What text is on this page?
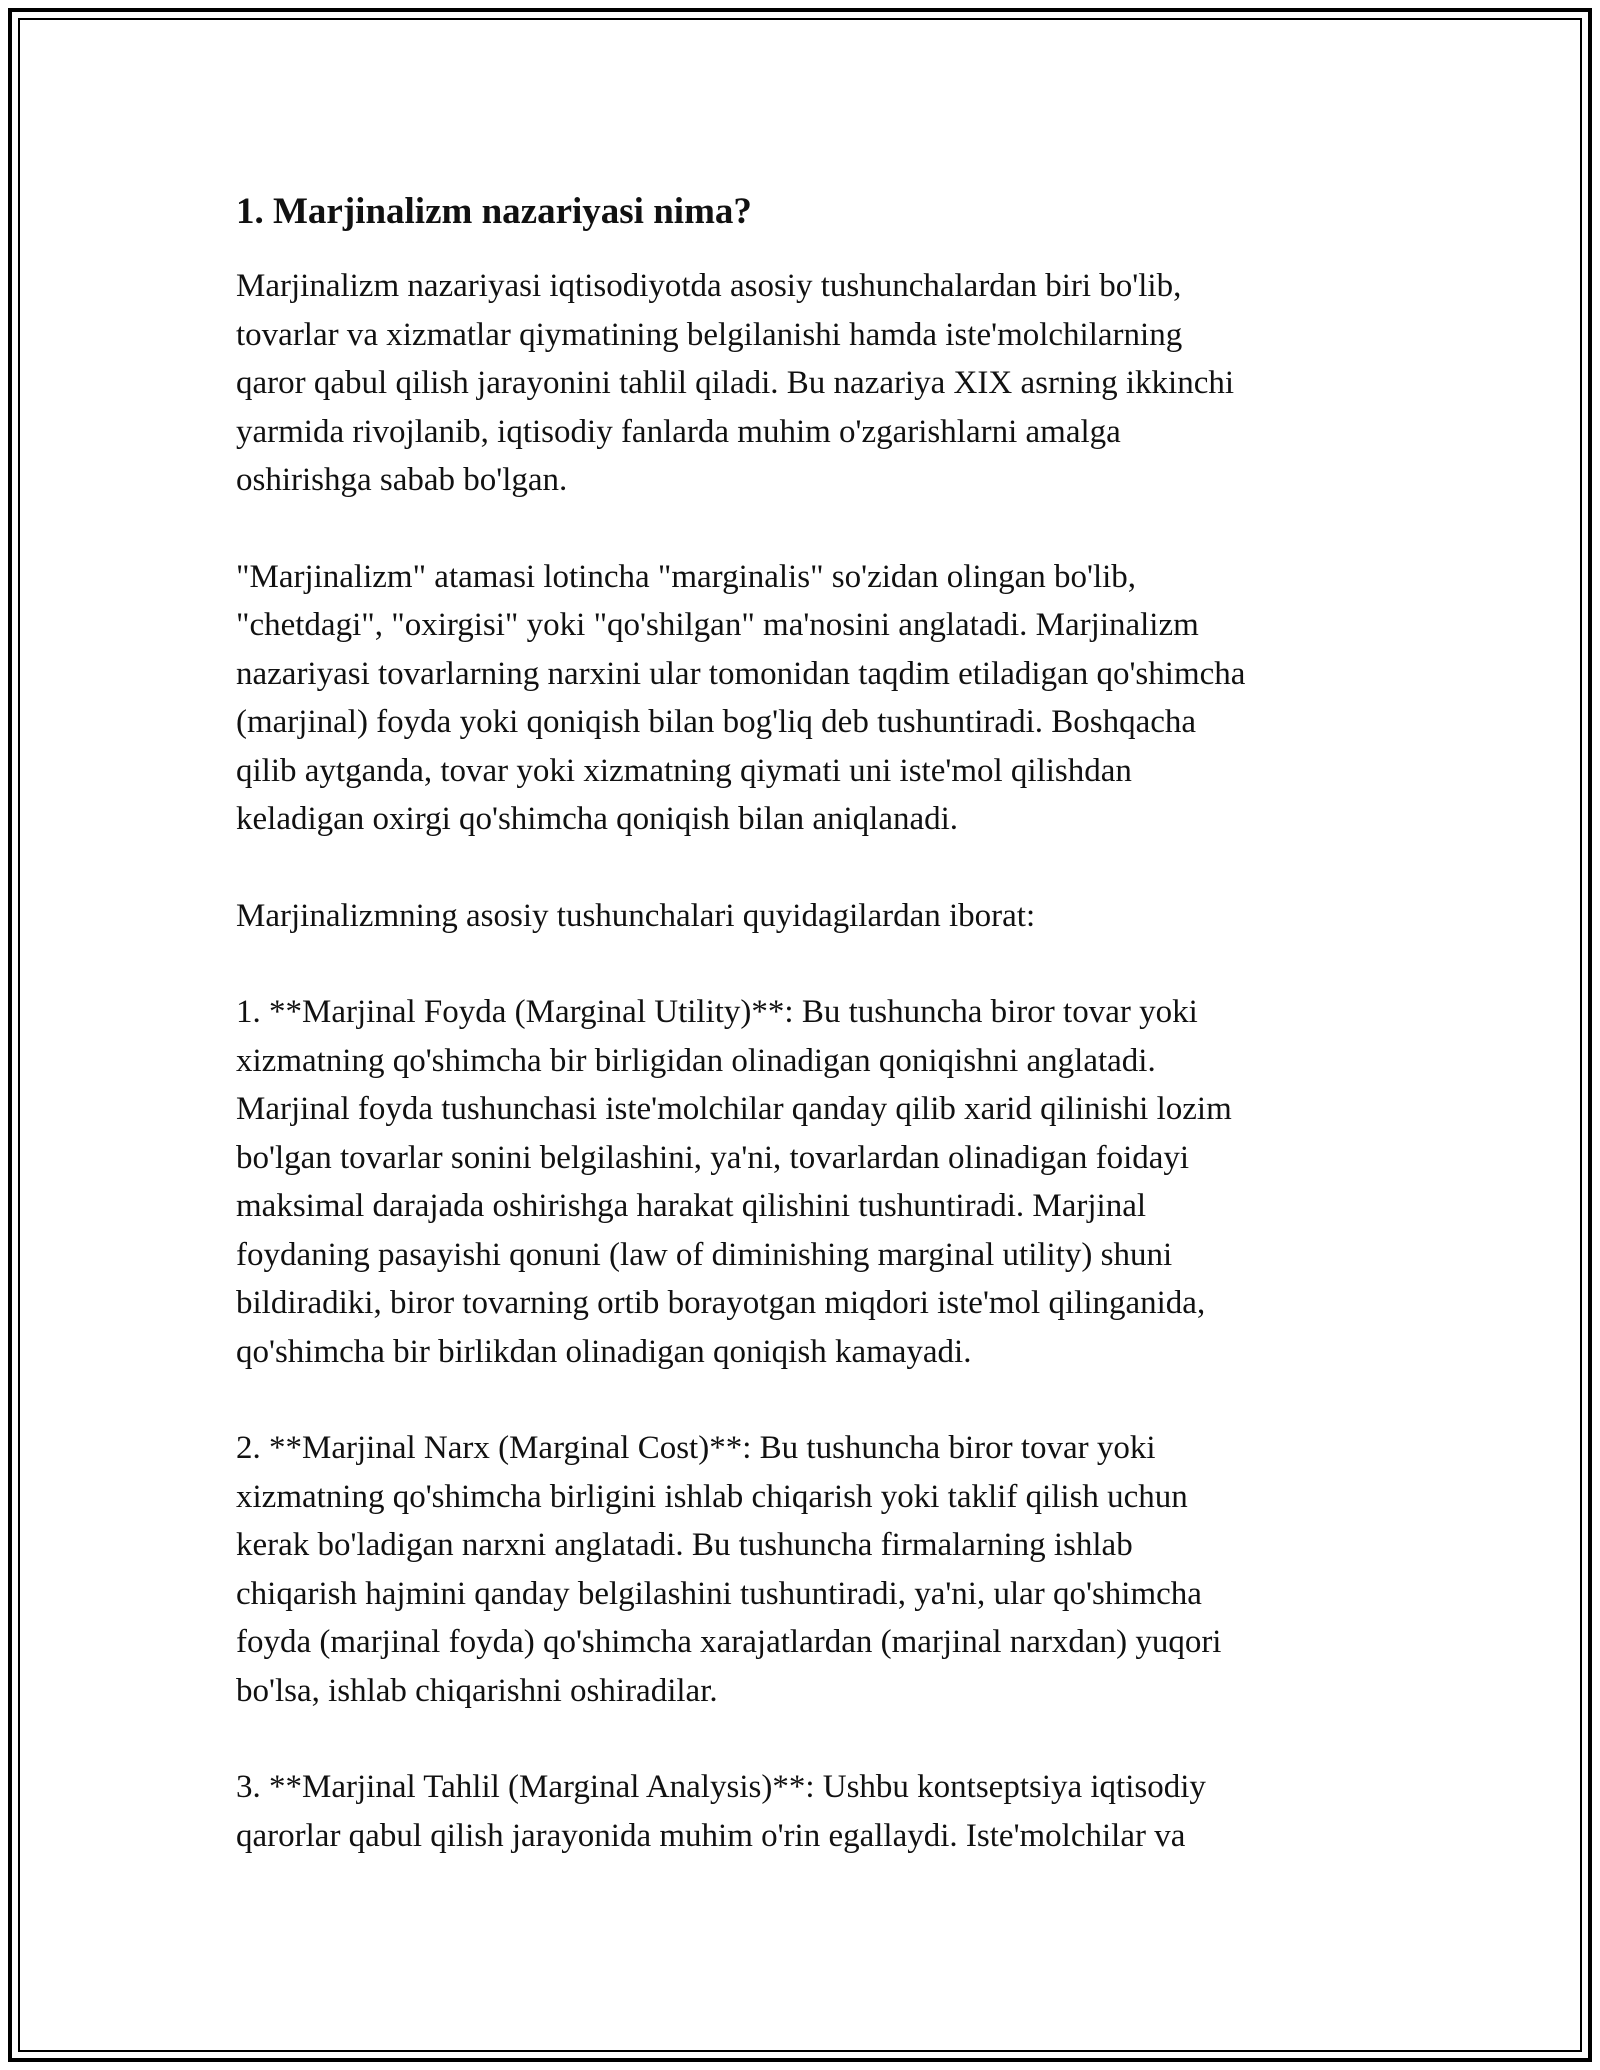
1. Marjinalizm nazariyasi nima?

Marjinalizm nazariyasi iqtisodiyotda asosiy tushunchalardan biri bo'lib,
tovarlar va xizmatlar qiymatining belgilanishi hamda iste'molchilarning
qaror qabul qilish jarayonini tahlil qiladi. Bu nazariya XIX asrning ikkinchi
yarmida rivojlanib, iqtisodiy fanlarda muhim o'zgarishlarni amalga
oshirishga sabab bo'lgan.

"Marjinalizm" atamasi lotincha "marginalis" so'zidan olingan bo'lib,
"chetdagi", "oxirgisi" yoki "qo'shilgan" ma'nosini anglatadi. Marjinalizm
nazariyasi tovarlarning narxini ular tomonidan taqdim etiladigan qo'shimcha
(marjinal) foyda yoki qoniqish bilan bog'liq deb tushuntiradi. Boshqacha
qilib aytganda, tovar yoki xizmatning qiymati uni iste'mol qilishdan
keladigan oxirgi qo'shimcha qoniqish bilan aniqlanadi.

Marjinalizmning asosiy tushunchalari quyidagilardan iborat:

1. **Marjinal Foyda (Marginal Utility)**: Bu tushuncha biror tovar yoki
xizmatning qo'shimcha bir birligidan olinadigan qoniqishni anglatadi.
Marjinal foyda tushunchasi iste'molchilar qanday qilib xarid qilinishi lozim
bo'lgan tovarlar sonini belgilashini, ya'ni, tovarlardan olinadigan foidayi
maksimal darajada oshirishga harakat qilishini tushuntiradi. Marjinal
foydaning pasayishi qonuni (law of diminishing marginal utility) shuni
bildiradiki, biror tovarning ortib borayotgan miqdori iste'mol qilinganida,
qo'shimcha bir birlikdan olinadigan qoniqish kamayadi.

2. **Marjinal Narx (Marginal Cost)**: Bu tushuncha biror tovar yoki
xizmatning qo'shimcha birligini ishlab chiqarish yoki taklif qilish uchun
kerak bo'ladigan narxni anglatadi. Bu tushuncha firmalarning ishlab
chiqarish hajmini qanday belgilashini tushuntiradi, ya'ni, ular qo'shimcha
foyda (marjinal foyda) qo'shimcha xarajatlardan (marjinal narxdan) yuqori
bo'lsa, ishlab chiqarishni oshiradilar.

3. **Marjinal Tahlil (Marginal Analysis)**: Ushbu kontseptsiya iqtisodiy
qarorlar qabul qilish jarayonida muhim o'rin egallaydi. Iste'molchilar va
